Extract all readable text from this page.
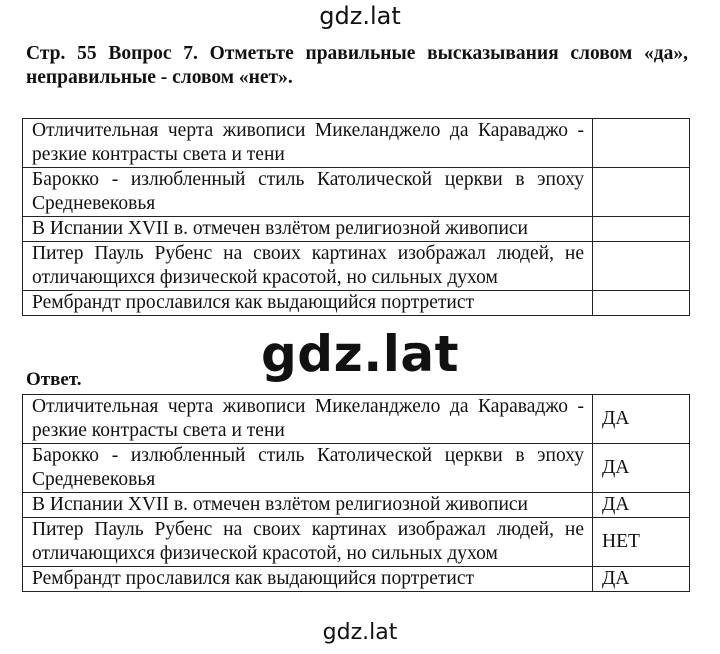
gdz.lat

Стр. 55 Вопрос 7. Отметьте правильные высказывания словом «да», неправильные - словом «нет».

Отличительная черта живописи Микеланджело да Караваджо - резкие контрасты света и тени	
Барокко - излюбленный стиль Католической церкви в эпоху Средневековья	
В Испании XVII в. отмечен взлётом религиозной живописи	
Питер Пауль Рубенс на своих картинах изображал людей, не отличающихся физической красотой, но сильных духом	
Рембрандт прославился как выдающийся портретист	
gdz.lat

Ответ.

Отличительная черта живописи Микеланджело да Караваджо - резкие контрасты света и тени	ДА
Барокко - излюбленный стиль Католической церкви в эпоху Средневековья	ДА
В Испании XVII в. отмечен взлётом религиозной живописи	ДА
Питер Пауль Рубенс на своих картинах изображал людей, не отличающихся физической красотой, но сильных духом	НЕТ
Рембрандт прославился как выдающийся портретист	ДА
gdz.lat
